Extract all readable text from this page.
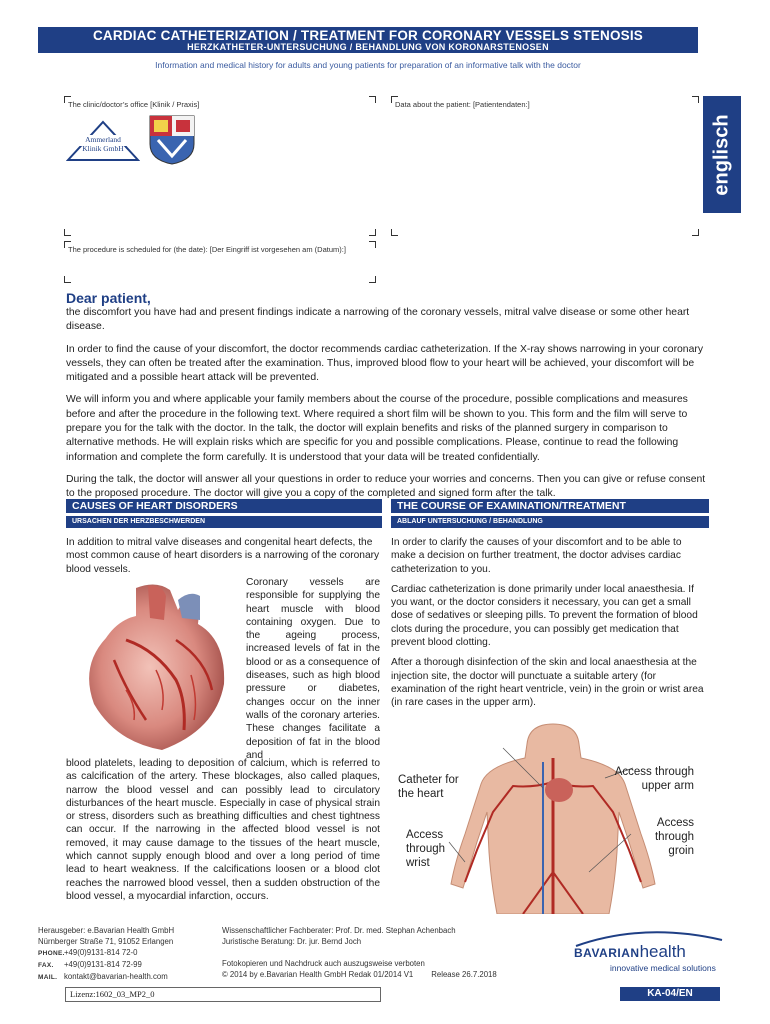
CARDIAC CATHETERIZATION / TREATMENT FOR CORONARY VESSELS STENOSIS
HERZKATHETER-UNTERSUCHUNG / BEHANDLUNG VON KORONARSTENOSEN
Information and medical history for adults and young patients for preparation of an informative talk with the doctor
englisch
The clinic/doctor’s office [Klinik / Praxis]
Ammerland
Klinik GmbH
Data about the patient: [Patientendaten:]
The procedure is scheduled for (the date): [Der Eingriff ist vorgesehen am (Datum):]
Dear patient,

the discomfort you have had and present findings indicate a narrowing of the coronary vessels, mitral valve disease or some other heart disease.

In order to find the cause of your discomfort, the doctor recommends cardiac catheterization. If the X-ray shows narrowing in your coronary vessels, they can often be treated after the examination. Thus, improved blood flow to your heart will be achieved, your discomfort will be mitigated and a possible heart attack will be prevented.

We will inform you and where applicable your family members about the course of the procedure, possible complications and measures before and after the procedure in the following text. Where required a short film will be shown to you. This form and the film will serve to prepare you for the talk with the doctor. In the talk, the doctor will explain benefits and risks of the planned surgery in comparison to alternative methods. He will explain risks which are specific for you and possible complications. Please, continue to read the following information and complete the form carefully. It is understood that your data will be treated confidentially.

During the talk, the doctor will answer all your questions in order to reduce your worries and concerns. Then you can give or refuse consent to the proposed procedure. The doctor will give you a copy of the completed and signed form after the talk.

CAUSES OF HEART DISORDERS
URSACHEN DER HERZBESCHWERDEN
In addition to mitral valve diseases and congenital heart defects, the most common cause of heart disorders is a narrowing of the coronary blood vessels.
Coronary vessels are responsible for supplying the heart muscle with blood containing oxygen. Due to the ageing process, increased levels of fat in the blood or as a consequence of diseases, such as high blood pressure or diabetes, changes occur on the inner walls of the coronary arteries. These changes facilitate a deposition of fat in the blood and
blood platelets, leading to deposition of calcium, which is referred to as calcification of the artery. These blockages, also called plaques, narrow the blood vessel and can possibly lead to circulatory disturbances of the heart muscle. Especially in case of physical strain or stress, disorders such as breathing difficulties and chest tightness can occur. If the narrowing in the affected blood vessel is not removed, it may cause damage to the tissues of the heart muscle, which cannot supply enough blood and over a long period of time lead to heart weakness. If the calcifications loosen or a blood clot reaches the narrowed blood vessel, then a sudden obstruction of the blood vessel, a myocardial infarction, occurs.
THE COURSE OF EXAMINATION/TREATMENT
ABLAUF UNTERSUCHUNG / BEHANDLUNG
In order to clarify the causes of your discomfort and to be able to make a decision on further treatment, the doctor advises cardiac catheterization to you.
Cardiac catheterization is done primarily under local anaesthesia. If you want, or the doctor considers it necessary, you can get a small dose of sedatives or sleeping pills. To prevent the formation of blood clots during the procedure, you can possibly get medication that prevent blood clotting.
After a thorough disinfection of the skin and local anaesthesia at the injection site, the doctor will punctuate a suitable artery (for examination of the right heart ventricle, vein) in the groin or wrist area (in rare cases in the upper arm).
Catheter for the heart
Access through wrist
Access through upper arm
Access through groin
Herausgeber: e.Bavarian Health GmbH
Nürnberger Straße 71, 91052 Erlangen
PHONE.+49(0)9131-814 72-0
FAX. +49(0)9131-814 72-99
MAIL. kontakt@bavarian-health.com
Wissenschaftlicher Fachberater: Prof. Dr. med. Stephan Achenbach
Juristische Beratung: Dr. jur. Bernd Joch
Fotokopieren und Nachdruck auch auszugsweise verboten
© 2014 by e.Bavarian Health GmbH Redak 01/2014 V1 Release 26.7.2018
BAVARIANhealth
innovative medical solutions
Lizenz:1602_03_MP2_0	KA-04/EN
